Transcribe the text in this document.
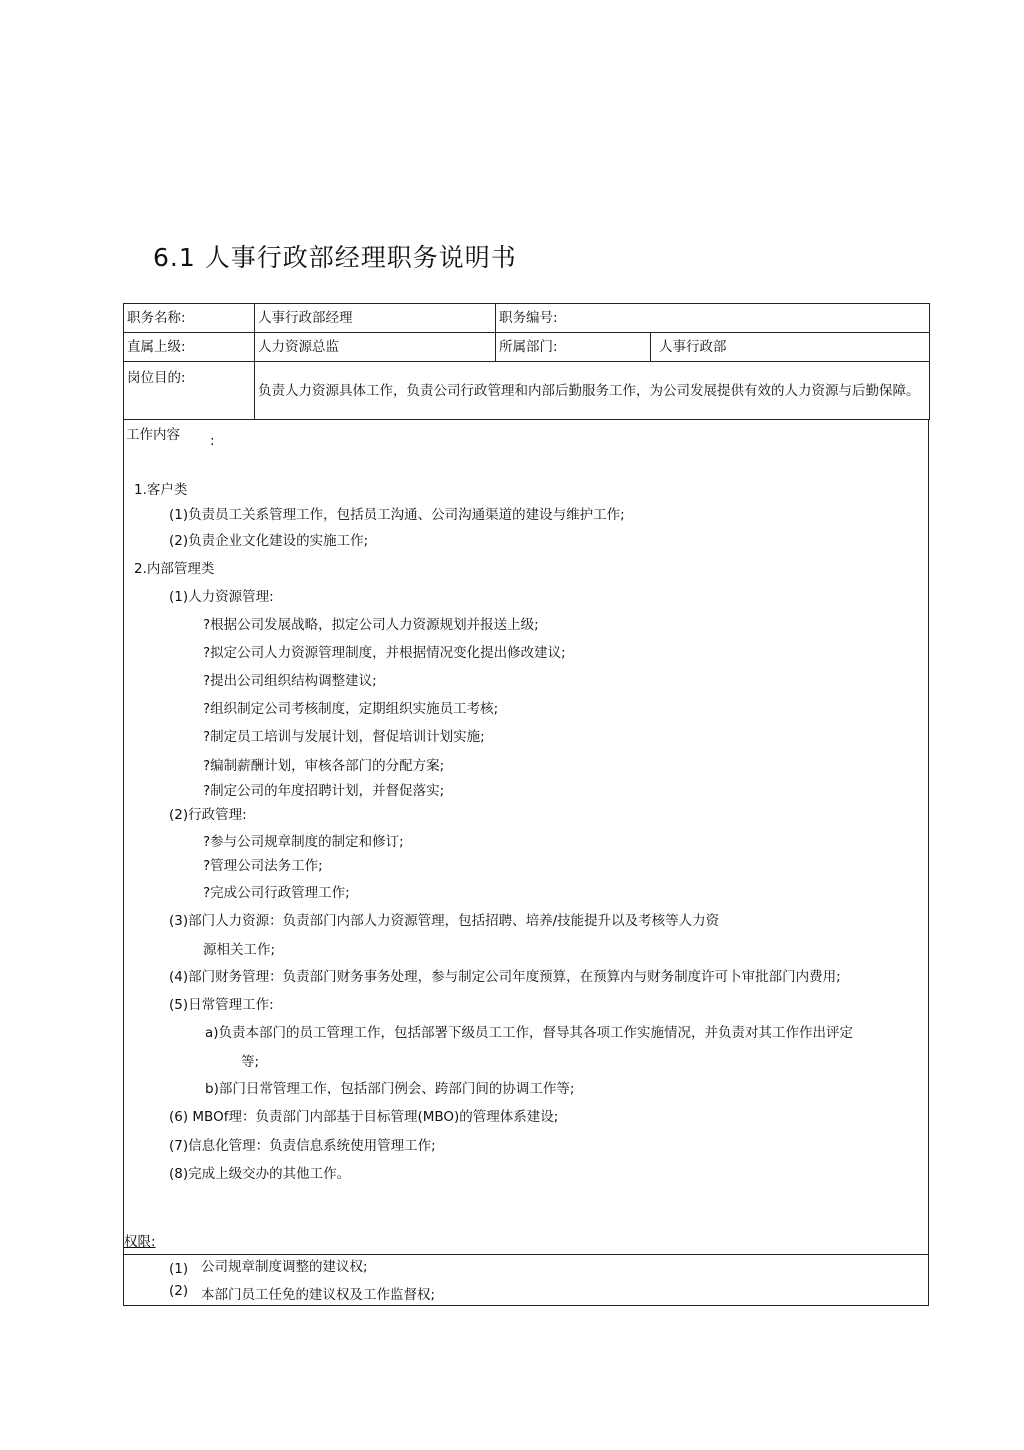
6.1 人事行政部经理职务说明书
职务名称:	人事行政部经理	职务编号:	
直属上级:	人力资源总监	所属部门:	人事行政部
岗位目的:	负责人力资源具体工作，负责公司行政管理和内部后勤服务工作，为公司发展提供有效的人力资源与后勤保障。		
工作内容 :
1.客户类
(1)负责员工关系管理工作，包括员工沟通、公司沟通渠道的建设与维护工作;
(2)负责企业文化建设的实施工作;
2.内部管理类
(1)人力资源管理:
?根据公司发展战略，拟定公司人力资源规划并报送上级;
?拟定公司人力资源管理制度，并根据情况变化提出修改建议;
?提出公司组织结构调整建议;
?组织制定公司考核制度，定期组织实施员工考核;
?制定员工培训与发展计划，督促培训计划实施;
?编制薪酬计划，审核各部门的分配方案;
?制定公司的年度招聘计划，并督促落实;
(2)行政管理:
?参与公司规章制度的制定和修订;
?管理公司法务工作;
?完成公司行政管理工作;
(3)部门人力资源：负责部门内部人力资源管理，包括招聘、培养/技能提升以及考核等人力资
源相关工作;
(4)部门财务管理：负责部门财务事务处理，参与制定公司年度预算，在预算内与财务制度许可卜审批部门内费用;
(5)日常管理工作:
a)负责本部门的员工管理工作，包括部署下级员工工作，督导其各项工作实施情况，并负责对其工作作出评定
等;
b)部门日常管理工作，包括部门例会、跨部门间的协调工作等;
(6) MBOf理：负责部门内部基于目标管理(MBO)的管理体系建设;
(7)信息化管理：负责信息系统使用管理工作;
(8)完成上级交办的其他工作。
权限:
(1) 公司规章制度调整的建议权;
(2) 本部门员工任免的建议权及工作监督权;
